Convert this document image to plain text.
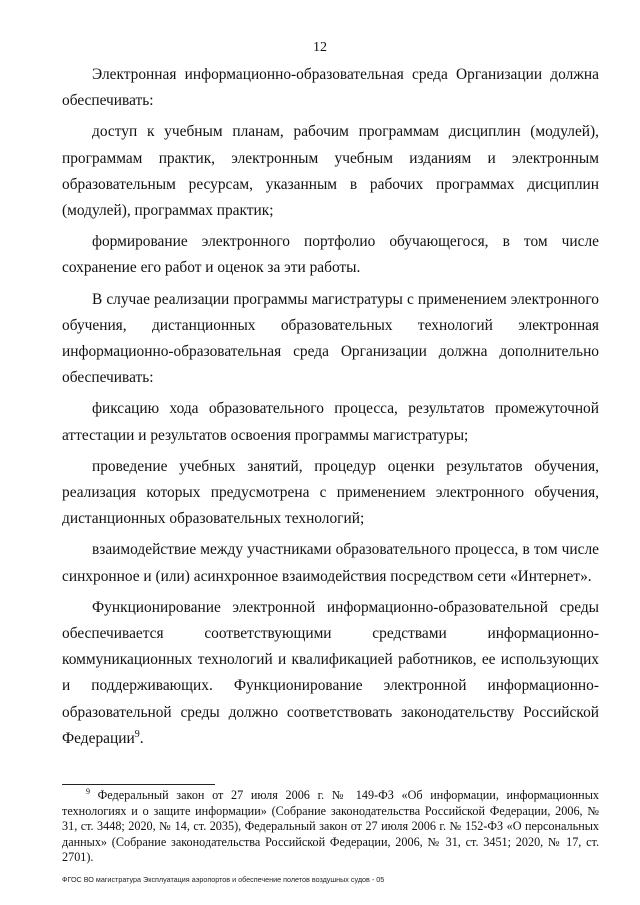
12

Электронная информационно-образовательная среда Организации должна обеспечивать:

доступ к учебным планам, рабочим программам дисциплин (модулей), программам практик, электронным учебным изданиям и электронным образовательным ресурсам, указанным в рабочих программах дисциплин (модулей), программах практик;

формирование электронного портфолио обучающегося, в том числе сохранение его работ и оценок за эти работы.

В случае реализации программы магистратуры с применением электронного обучения, дистанционных образовательных технологий электронная информационно-образовательная среда Организации должна дополнительно обеспечивать:

фиксацию хода образовательного процесса, результатов промежуточной аттестации и результатов освоения программы магистратуры;

проведение учебных занятий, процедур оценки результатов обучения, реализация которых предусмотрена с применением электронного обучения, дистанционных образовательных технологий;

взаимодействие между участниками образовательного процесса, в том числе синхронное и (или) асинхронное взаимодействия посредством сети «Интернет».

Функционирование электронной информационно-образовательной среды обеспечивается соответствующими средствами информационно-коммуникационных технологий и квалификацией работников, ее использующих и поддерживающих. Функционирование электронной информационно-образовательной среды должно соответствовать законодательству Российской Федерации$^9$.

$^9$ Федеральный закон от 27 июля 2006 г. № 149-ФЗ «Об информации, информационных технологиях и о защите информации» (Собрание законодательства Российской Федерации, 2006, № 31, ст. 3448; 2020, № 14, ст. 2035), Федеральный закон от 27 июля 2006 г. № 152-ФЗ «О персональных данных» (Собрание законодательства Российской Федерации, 2006, № 31, ст. 3451; 2020, № 17, ст. 2701).
ФГОС ВО магистратура Эксплуатация аэропортов и обеспечение полетов воздушных судов - 05
